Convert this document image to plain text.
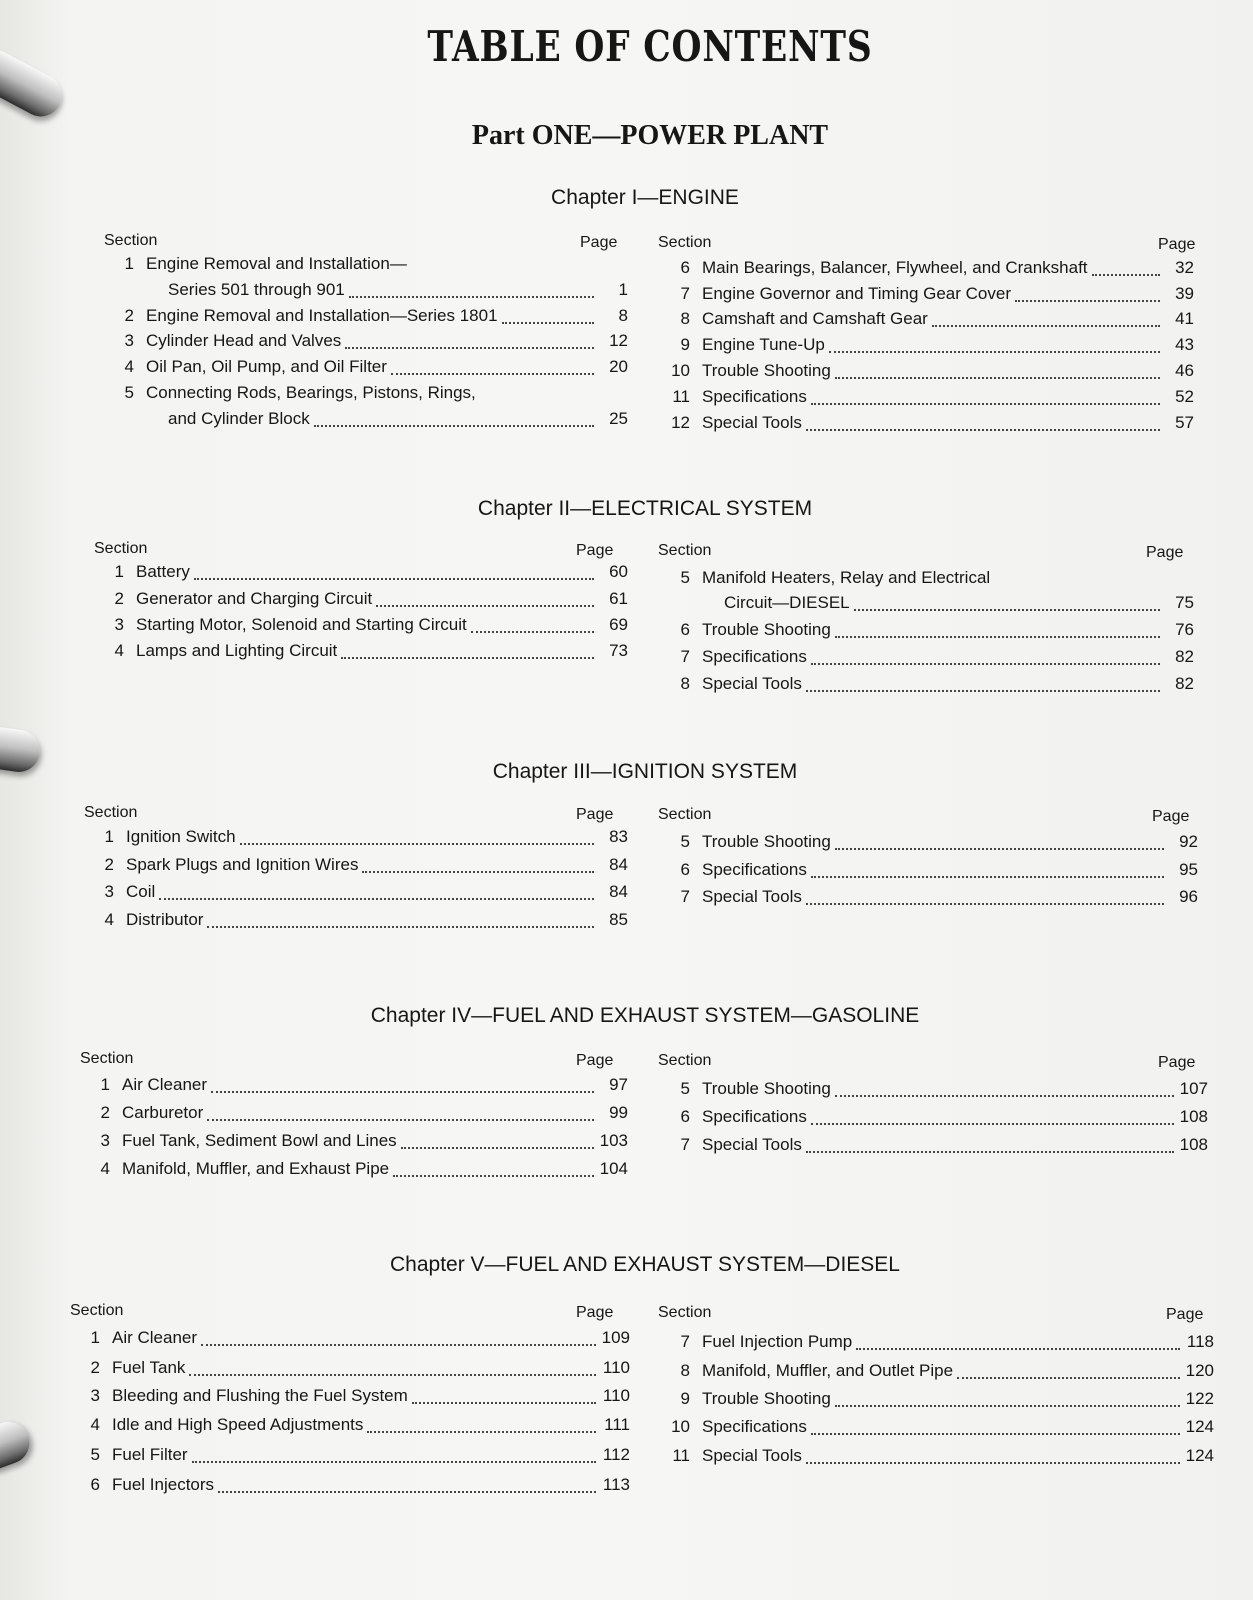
TABLE OF CONTENTS
Part ONE—POWER PLANT
Chapter I—ENGINE
Section	Page
1 Engine Removal and Installation—
Series 501 through 901	1
2 Engine Removal and Installation—Series 1801	8
3 Cylinder Head and Valves	12
4 Oil Pan, Oil Pump, and Oil Filter	20
5 Connecting Rods, Bearings, Pistons, Rings,
and Cylinder Block	25
Section	Page
6 Main Bearings, Balancer, Flywheel, and Crankshaft	32
7 Engine Governor and Timing Gear Cover	39
8 Camshaft and Camshaft Gear	41
9 Engine Tune-Up	43
10 Trouble Shooting	46
11 Specifications	52
12 Special Tools	57
Chapter II—ELECTRICAL SYSTEM
Section	Page
1 Battery	60
2 Generator and Charging Circuit	61
3 Starting Motor, Solenoid and Starting Circuit	69
4 Lamps and Lighting Circuit	73
Section	Page
5 Manifold Heaters, Relay and Electrical
Circuit—DIESEL	75
6 Trouble Shooting	76
7 Specifications	82
8 Special Tools	82
Chapter III—IGNITION SYSTEM
Section	Page
1 Ignition Switch	83
2 Spark Plugs and Ignition Wires	84
3 Coil	84
4 Distributor	85
Section	Page
5 Trouble Shooting	92
6 Specifications	95
7 Special Tools	96
Chapter IV—FUEL AND EXHAUST SYSTEM—GASOLINE
Section	Page
1 Air Cleaner	97
2 Carburetor	99
3 Fuel Tank, Sediment Bowl and Lines	103
4 Manifold, Muffler, and Exhaust Pipe	104
Section	Page
5 Trouble Shooting	107
6 Specifications	108
7 Special Tools	108
Chapter V—FUEL AND EXHAUST SYSTEM—DIESEL
Section	Page
1 Air Cleaner	109
2 Fuel Tank	110
3 Bleeding and Flushing the Fuel System	110
4 Idle and High Speed Adjustments	111
5 Fuel Filter	112
6 Fuel Injectors	113
Section	Page
7 Fuel Injection Pump	118
8 Manifold, Muffler, and Outlet Pipe	120
9 Trouble Shooting	122
10 Specifications	124
11 Special Tools	124
